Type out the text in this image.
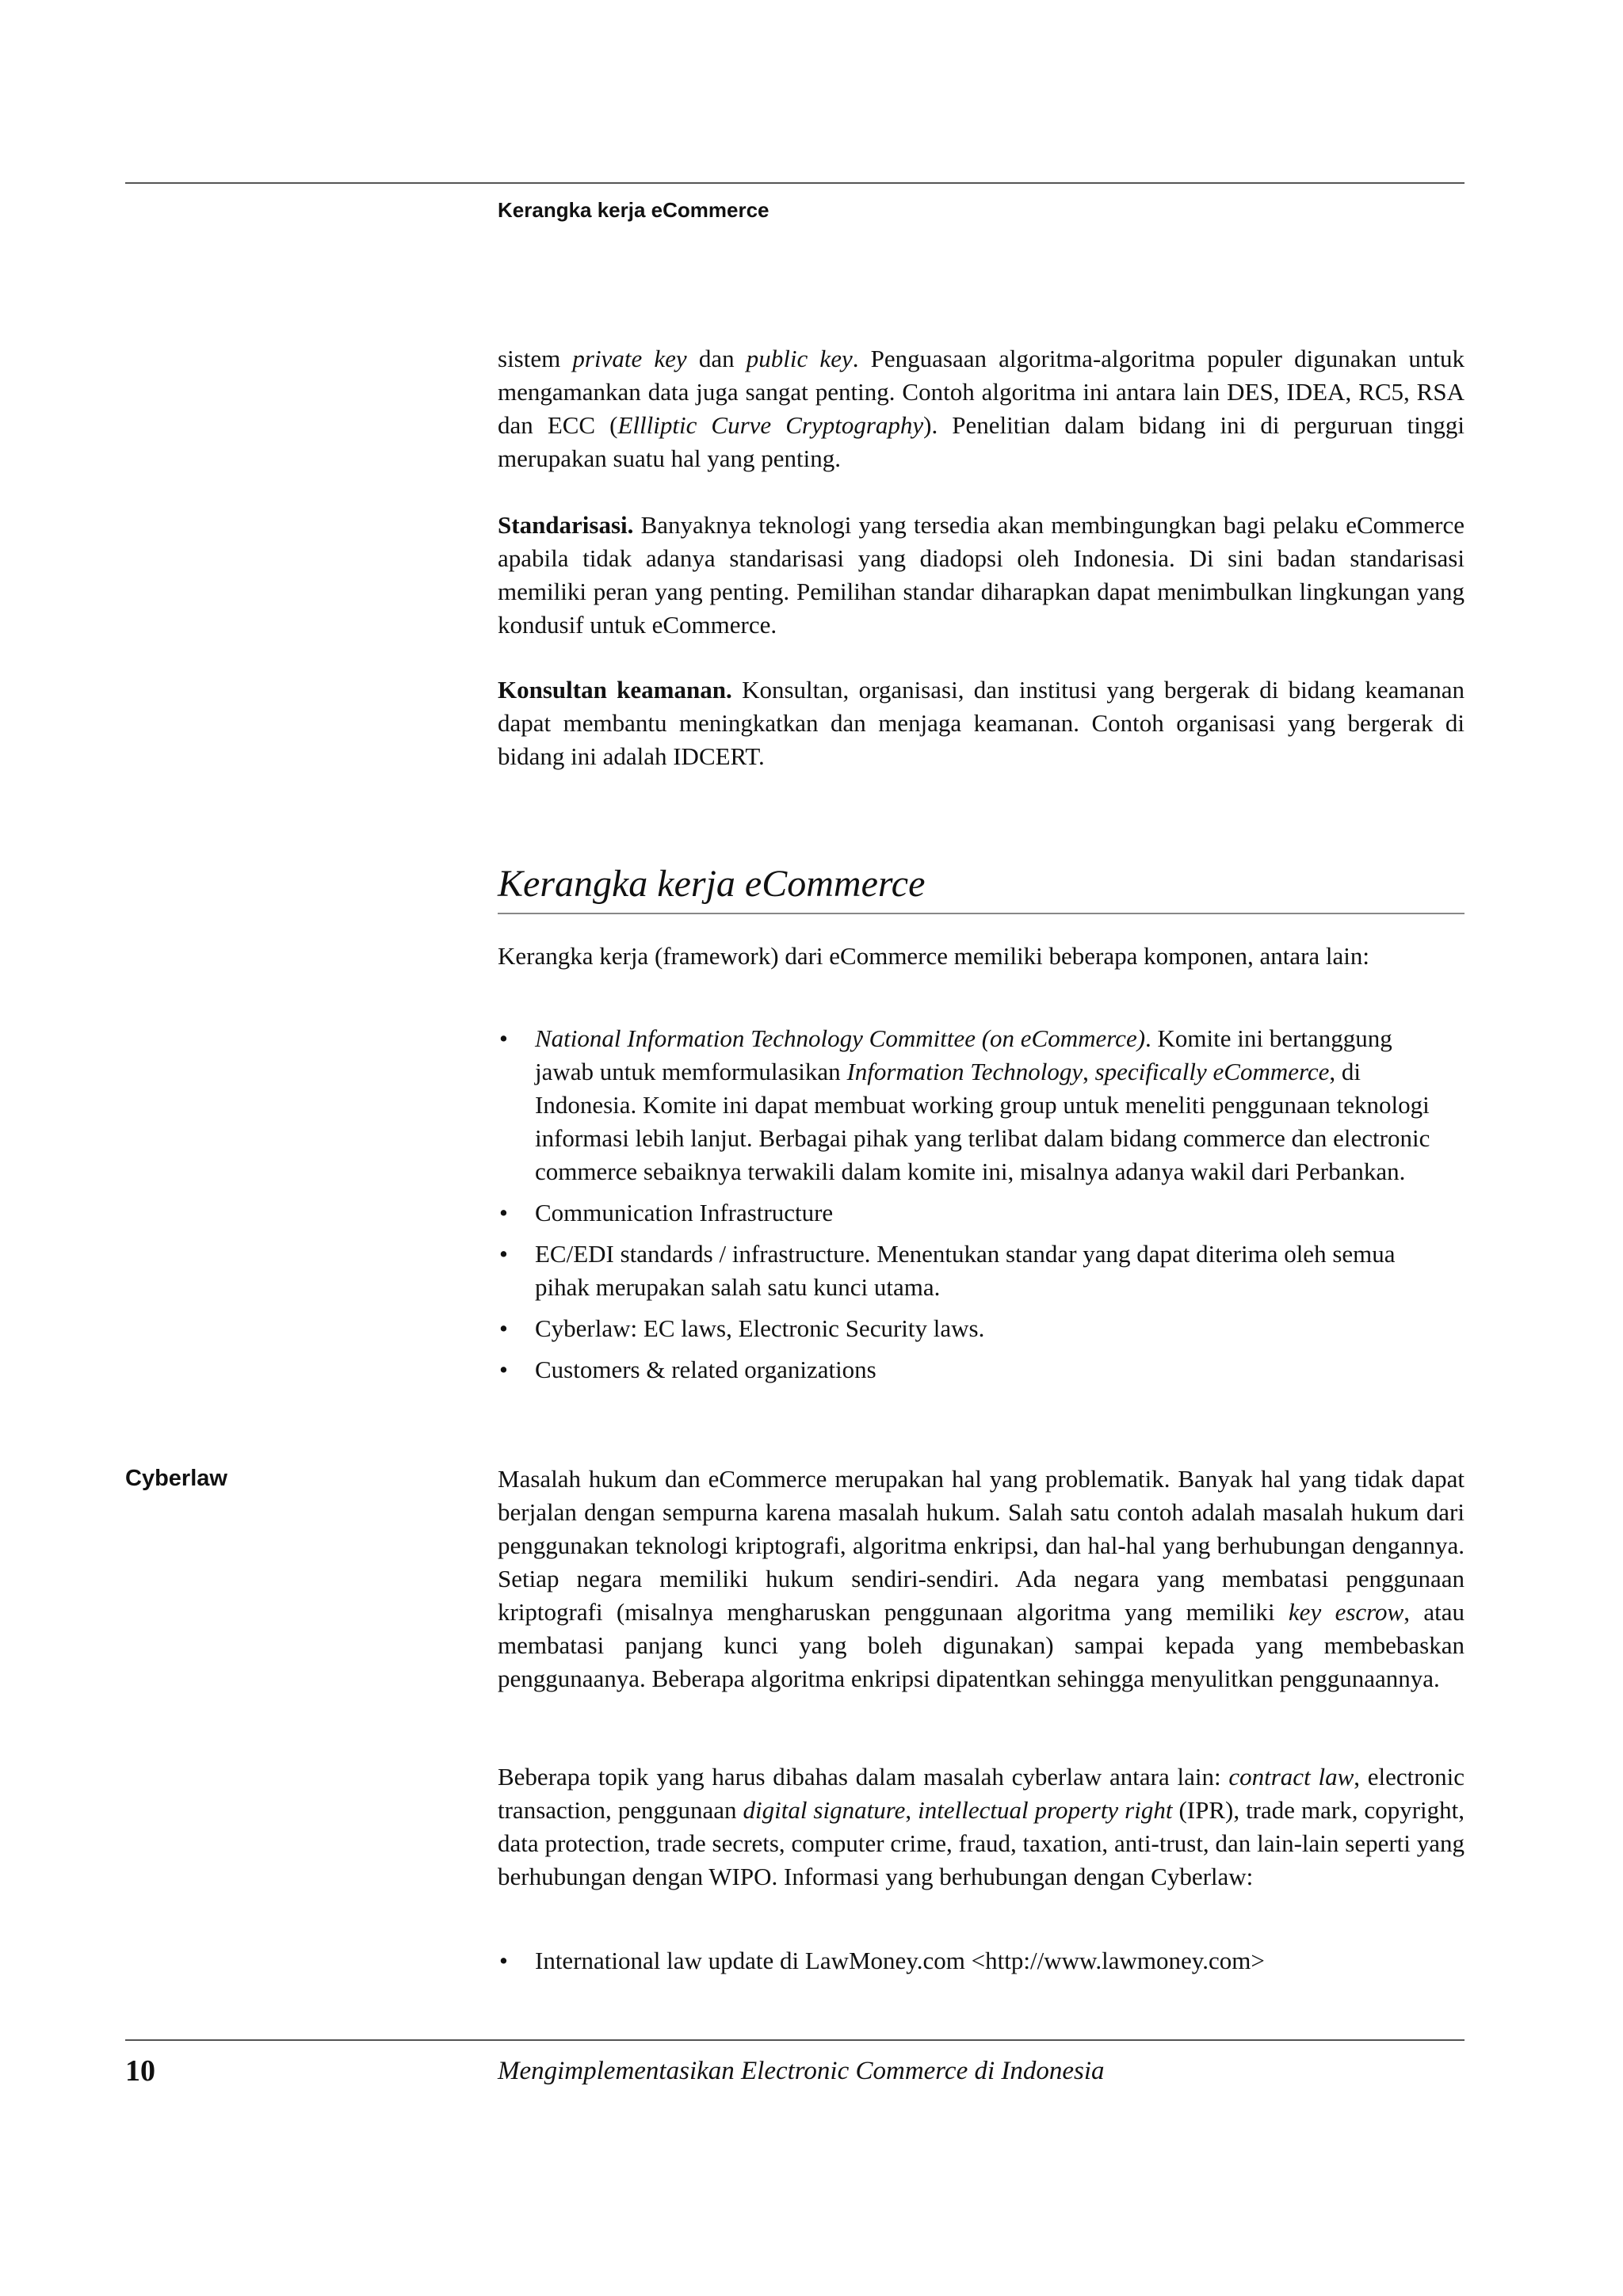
Kerangka kerja eCommerce

sistem private key dan public key. Penguasaan algoritma-algoritma populer digunakan untuk mengamankan data juga sangat penting. Contoh algoritma ini antara lain DES, IDEA, RC5, RSA dan ECC (Ellliptic Curve Cryptography). Penelitian dalam bidang ini di perguruan tinggi merupakan suatu hal yang penting.

Standarisasi. Banyaknya teknologi yang tersedia akan membingungkan bagi pelaku eCommerce apabila tidak adanya standarisasi yang diadopsi oleh Indonesia. Di sini badan standarisasi memiliki peran yang penting. Pemilihan standar diharapkan dapat menimbulkan lingkungan yang kondusif untuk eCommerce.

Konsultan keamanan. Konsultan, organisasi, dan institusi yang bergerak di bidang keamanan dapat membantu meningkatkan dan menjaga keamanan. Contoh organisasi yang bergerak di bidang ini adalah IDCERT.

Kerangka kerja eCommerce

Kerangka kerja (framework) dari eCommerce memiliki beberapa komponen, antara lain:

• National Information Technology Committee (on eCommerce). Komite ini bertanggung jawab untuk memformulasikan Information Technology, specifically eCommerce, di Indonesia. Komite ini dapat membuat working group untuk meneliti penggunaan teknologi informasi lebih lanjut. Berbagai pihak yang terlibat dalam bidang commerce dan electronic commerce sebaiknya terwakili dalam komite ini, misalnya adanya wakil dari Perbankan.
• Communication Infrastructure
• EC/EDI standards / infrastructure. Menentukan standar yang dapat diterima oleh semua pihak merupakan salah satu kunci utama.
• Cyberlaw: EC laws, Electronic Security laws.
• Customers & related organizations
Cyberlaw	Masalah hukum dan eCommerce merupakan hal yang problematik. Banyak hal yang tidak dapat berjalan dengan sempurna karena masalah hukum. Salah satu contoh adalah masalah hukum dari penggunakan teknologi kriptografi, algoritma enkripsi, dan hal-hal yang berhubungan dengannya. Setiap negara memiliki hukum sendiri-sendiri. Ada negara yang membatasi penggunaan kriptografi (misalnya mengharuskan penggunaan algoritma yang memiliki key escrow, atau membatasi panjang kunci yang boleh digunakan) sampai kepada yang membebaskan penggunaanya. Beberapa algoritma enkripsi dipatentkan sehingga menyulitkan penggunaannya.

Beberapa topik yang harus dibahas dalam masalah cyberlaw antara lain: contract law, electronic transaction, penggunaan digital signature, intellectual property right (IPR), trade mark, copyright, data protection, trade secrets, computer crime, fraud, taxation, anti-trust, dan lain-lain seperti yang berhubungan dengan WIPO. Informasi yang berhubungan dengan Cyberlaw:

• International law update di LawMoney.com <http://www.lawmoney.com>
10	Mengimplementasikan Electronic Commerce di Indonesia
